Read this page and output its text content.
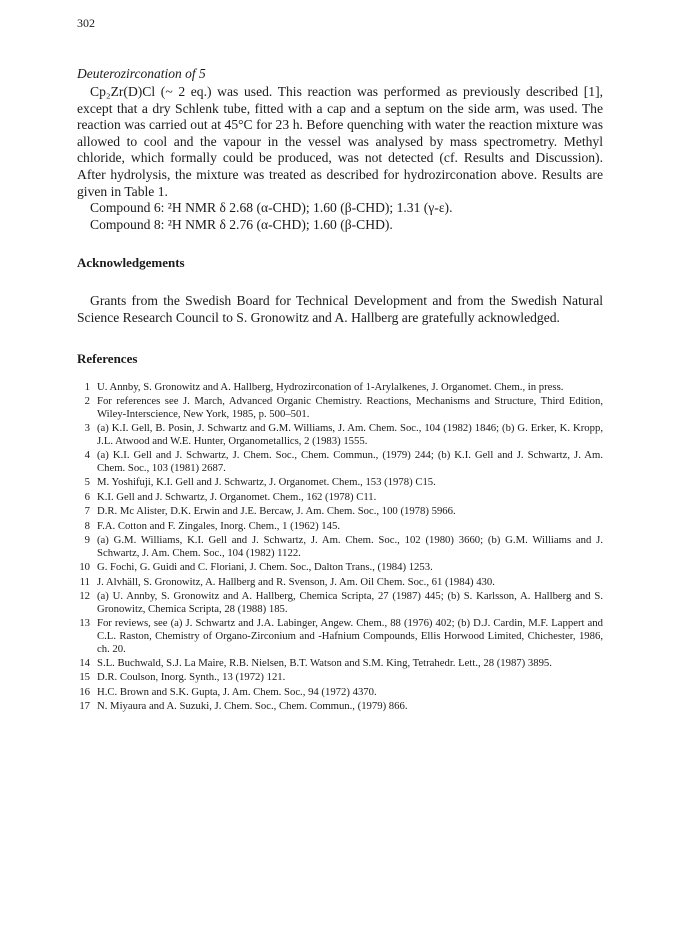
302
Deuterozirconation of 5

Cp₂Zr(D)Cl (~ 2 eq.) was used. This reaction was performed as previously described [1], except that a dry Schlenk tube, fitted with a cap and a septum on the side arm, was used. The reaction was carried out at 45°C for 23 h. Before quenching with water the reaction mixture was allowed to cool and the vapour in the vessel was analysed by mass spectrometry. Methyl chloride, which formally could be produced, was not detected (cf. Results and Discussion). After hydrolysis, the mixture was treated as described for hydrozirconation above. Results are given in Table 1.

Compound 6: ²H NMR δ 2.68 (α-CHD); 1.60 (β-CHD); 1.31 (γ-ε).

Compound 8: ²H NMR δ 2.76 (α-CHD); 1.60 (β-CHD).

Acknowledgements

Grants from the Swedish Board for Technical Development and from the Swedish Natural Science Research Council to S. Gronowitz and A. Hallberg are gratefully acknowledged.

References
1 U. Annby, S. Gronowitz and A. Hallberg, Hydrozirconation of 1-Arylalkenes, J. Organomet. Chem., in press.
2 For references see J. March, Advanced Organic Chemistry. Reactions, Mechanisms and Structure, Third Edition, Wiley-Interscience, New York, 1985, p. 500–501.
3 (a) K.I. Gell, B. Posin, J. Schwartz and G.M. Williams, J. Am. Chem. Soc., 104 (1982) 1846; (b) G. Erker, K. Kropp, J.L. Atwood and W.E. Hunter, Organometallics, 2 (1983) 1555.
4 (a) K.I. Gell and J. Schwartz, J. Chem. Soc., Chem. Commun., (1979) 244; (b) K.I. Gell and J. Schwartz, J. Am. Chem. Soc., 103 (1981) 2687.
5 M. Yoshifuji, K.I. Gell and J. Schwartz, J. Organomet. Chem., 153 (1978) C15.
6 K.I. Gell and J. Schwartz, J. Organomet. Chem., 162 (1978) C11.
7 D.R. Mc Alister, D.K. Erwin and J.E. Bercaw, J. Am. Chem. Soc., 100 (1978) 5966.
8 F.A. Cotton and F. Zingales, Inorg. Chem., 1 (1962) 145.
9 (a) G.M. Williams, K.I. Gell and J. Schwartz, J. Am. Chem. Soc., 102 (1980) 3660; (b) G.M. Williams and J. Schwartz, J. Am. Chem. Soc., 104 (1982) 1122.
10 G. Fochi, G. Guidi and C. Floriani, J. Chem. Soc., Dalton Trans., (1984) 1253.
11 J. Alvhäll, S. Gronowitz, A. Hallberg and R. Svenson, J. Am. Oil Chem. Soc., 61 (1984) 430.
12 (a) U. Annby, S. Gronowitz and A. Hallberg, Chemica Scripta, 27 (1987) 445; (b) S. Karlsson, A. Hallberg and S. Gronowitz, Chemica Scripta, 28 (1988) 185.
13 For reviews, see (a) J. Schwartz and J.A. Labinger, Angew. Chem., 88 (1976) 402; (b) D.J. Cardin, M.F. Lappert and C.L. Raston, Chemistry of Organo-Zirconium and -Hafnium Compounds, Ellis Horwood Limited, Chichester, 1986, ch. 20.
14 S.L. Buchwald, S.J. La Maire, R.B. Nielsen, B.T. Watson and S.M. King, Tetrahedr. Lett., 28 (1987) 3895.
15 D.R. Coulson, Inorg. Synth., 13 (1972) 121.
16 H.C. Brown and S.K. Gupta, J. Am. Chem. Soc., 94 (1972) 4370.
17 N. Miyaura and A. Suzuki, J. Chem. Soc., Chem. Commun., (1979) 866.
